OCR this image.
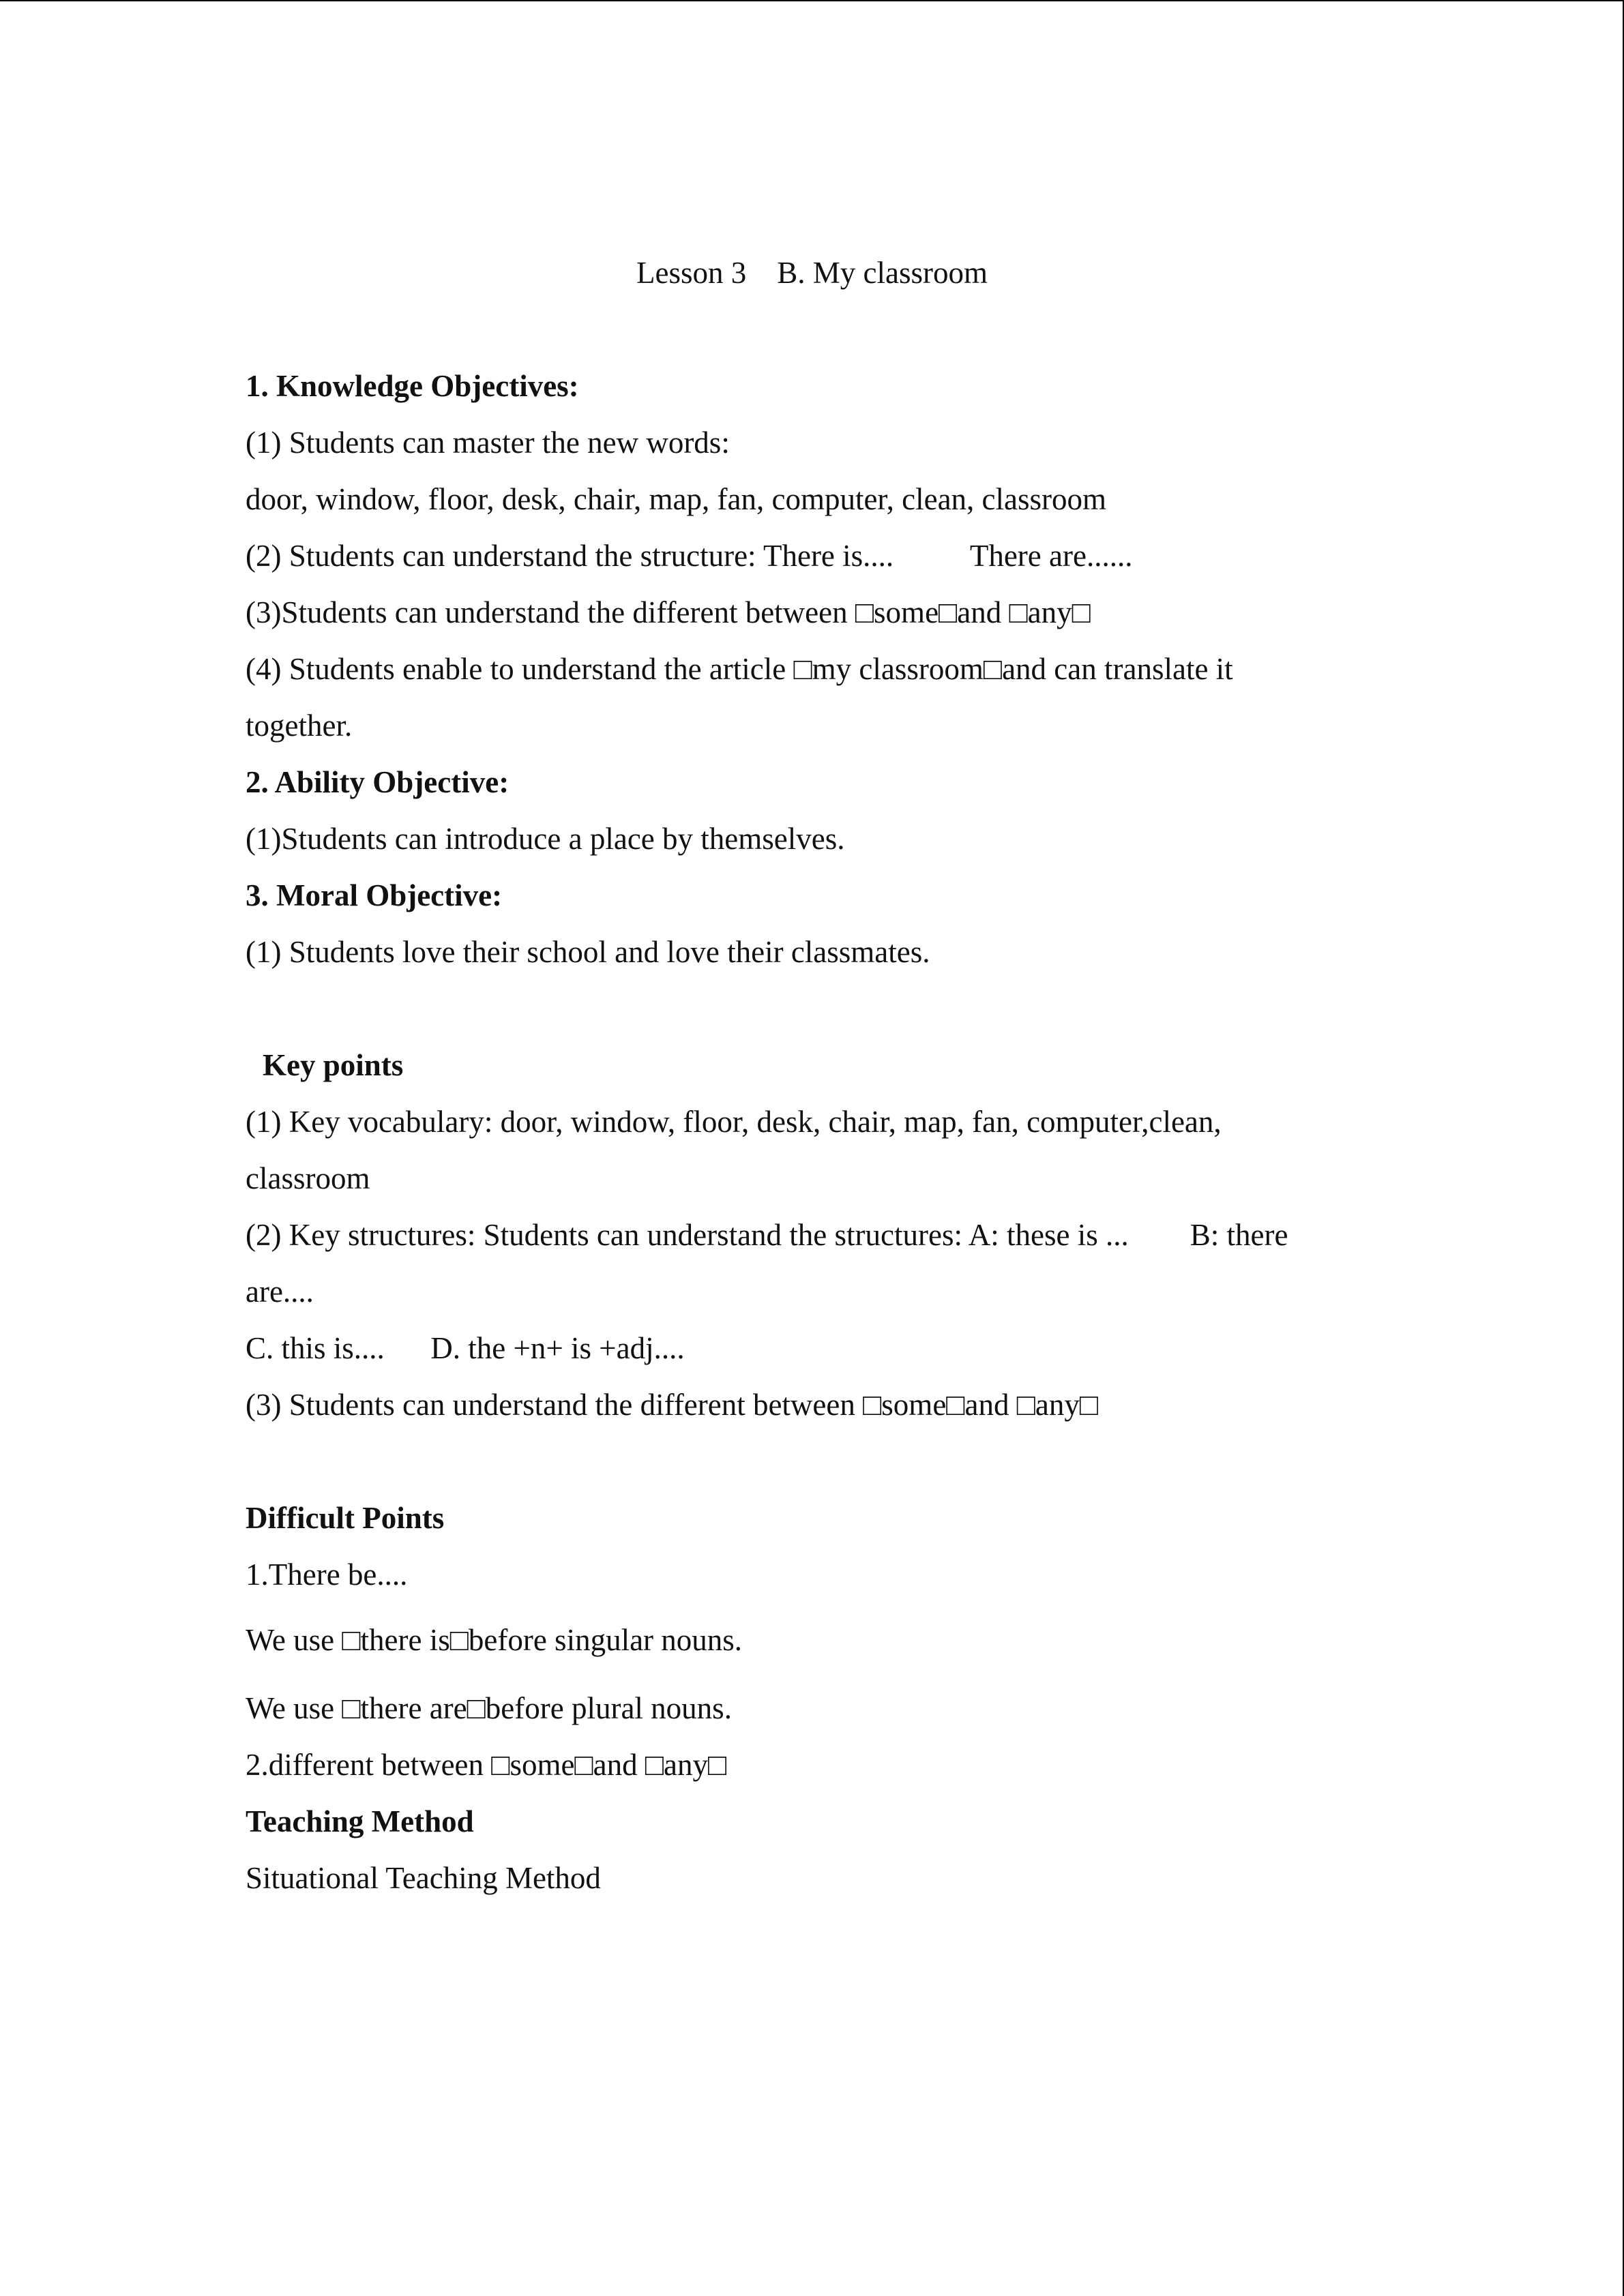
Lesson 3    B. My classroom
1. Knowledge Objectives:
(1) Students can master the new words:
door, window, floor, desk, chair, map, fan, computer, clean, classroom
(2) Students can understand the structure: There is....          There are......
(3)Students can understand the different between □some□and □any□
(4) Students enable to understand the article □my classroom□and can translate it
together.
2. Ability Objective:
(1)Students can introduce a place by themselves.
3. Moral Objective:
(1) Students love their school and love their classmates.
Key points
(1) Key vocabulary: door, window, floor, desk, chair, map, fan, computer,clean,
classroom
(2) Key structures: Students can understand the structures: A: these is ...        B: there
are....
C. this is....      D. the +n+ is +adj....
(3) Students can understand the different between □some□and □any□
Difficult Points
1.There be....
We use □there is□before singular nouns.
We use □there are□before plural nouns.
2.different between □some□and □any□
Teaching Method
Situational Teaching Method
